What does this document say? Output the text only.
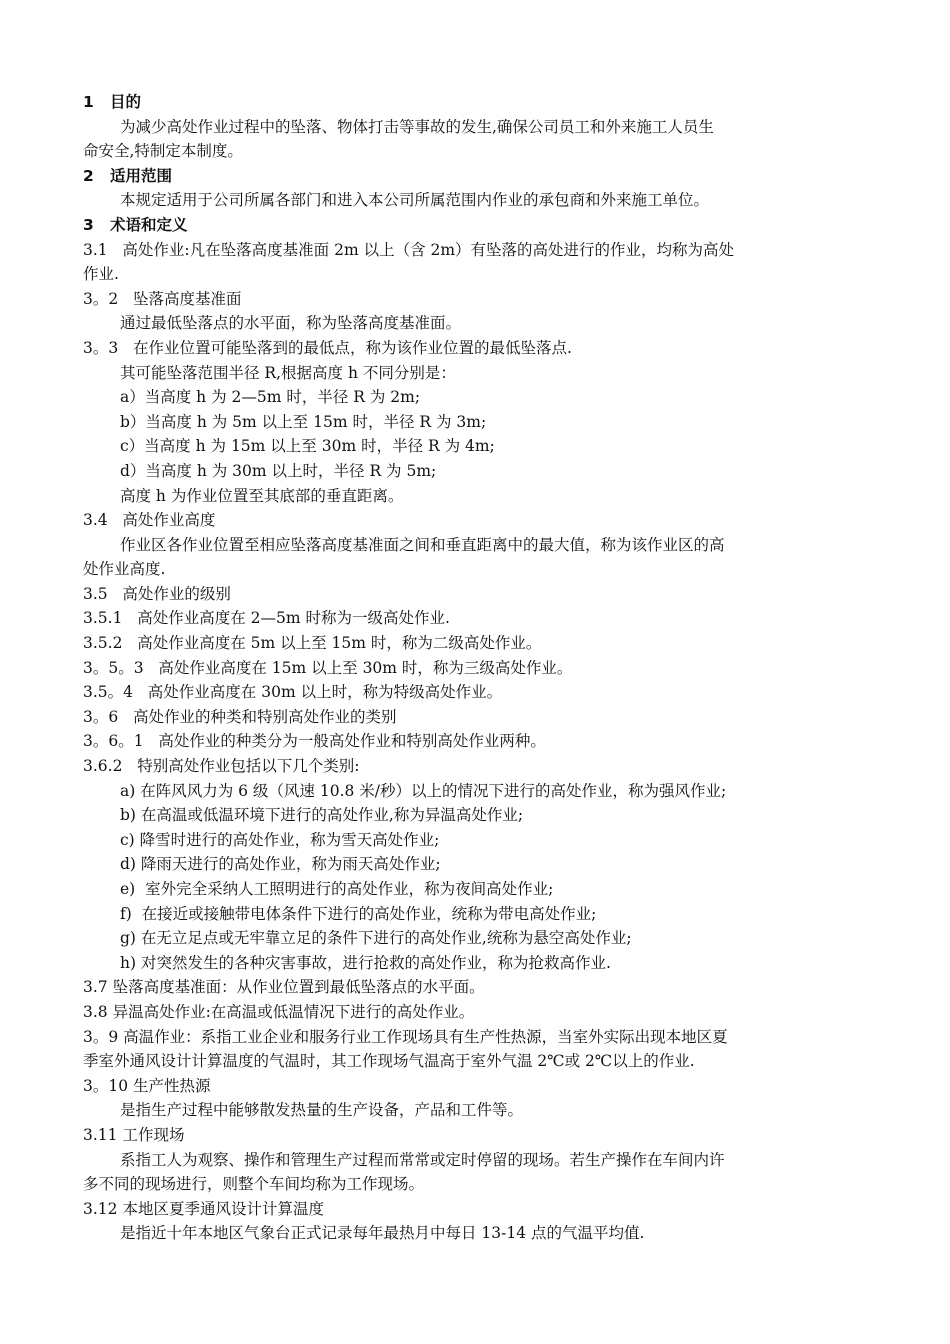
1   目的
为减少高处作业过程中的坠落、物体打击等事故的发生,确保公司员工和外来施工人员生
命安全,特制定本制度。
2   适用范围
本规定适用于公司所属各部门和进入本公司所属范围内作业的承包商和外来施工单位。
3   术语和定义
3.1   高处作业:凡在坠落高度基准面 2m 以上（含 2m）有坠落的高处进行的作业，均称为高处
作业.
3。2   坠落高度基准面
通过最低坠落点的水平面，称为坠落高度基准面。
3。3   在作业位置可能坠落到的最低点，称为该作业位置的最低坠落点.
其可能坠落范围半径 R,根据高度 h 不同分别是：
a）当高度 h 为 2—5m 时，半径 R 为 2m;
b）当高度 h 为 5m 以上至 15m 时，半径 R 为 3m;
c）当高度 h 为 15m 以上至 30m 时，半径 R 为 4m;
d）当高度 h 为 30m 以上时，半径 R 为 5m;
高度 h 为作业位置至其底部的垂直距离。
3.4   高处作业高度
作业区各作业位置至相应坠落高度基准面之间和垂直距离中的最大值，称为该作业区的高
处作业高度.
3.5   高处作业的级别
3.5.1   高处作业高度在 2—5m 时称为一级高处作业.
3.5.2   高处作业高度在 5m 以上至 15m 时，称为二级高处作业。
3。5。3   高处作业高度在 15m 以上至 30m 时，称为三级高处作业。
3.5。4   高处作业高度在 30m 以上时，称为特级高处作业。
3。6   高处作业的种类和特别高处作业的类别
3。6。1   高处作业的种类分为一般高处作业和特别高处作业两种。
3.6.2   特别高处作业包括以下几个类别:
a) 在阵风风力为 6 级（风速 10.8 米/秒）以上的情况下进行的高处作业，称为强风作业;
b) 在高温或低温环境下进行的高处作业,称为异温高处作业;
c) 降雪时进行的高处作业，称为雪天高处作业;
d) 降雨天进行的高处作业，称为雨天高处作业;
e)  室外完全采纳人工照明进行的高处作业，称为夜间高处作业;
f)  在接近或接触带电体条件下进行的高处作业，统称为带电高处作业;
g) 在无立足点或无牢靠立足的条件下进行的高处作业,统称为悬空高处作业;
h) 对突然发生的各种灾害事故，进行抢救的高处作业，称为抢救高作业.
3.7 坠落高度基准面：从作业位置到最低坠落点的水平面。
3.8 异温高处作业:在高温或低温情况下进行的高处作业。
3。9 高温作业：系指工业企业和服务行业工作现场具有生产性热源，当室外实际出现本地区夏
季室外通风设计计算温度的气温时，其工作现场气温高于室外气温 2℃或 2℃以上的作业.
3。10 生产性热源
是指生产过程中能够散发热量的生产设备，产品和工件等。
3.11 工作现场
系指工人为观察、操作和管理生产过程而常常或定时停留的现场。若生产操作在车间内许
多不同的现场进行，则整个车间均称为工作现场。
3.12 本地区夏季通风设计计算温度
是指近十年本地区气象台正式记录每年最热月中每日 13-14 点的气温平均值.
